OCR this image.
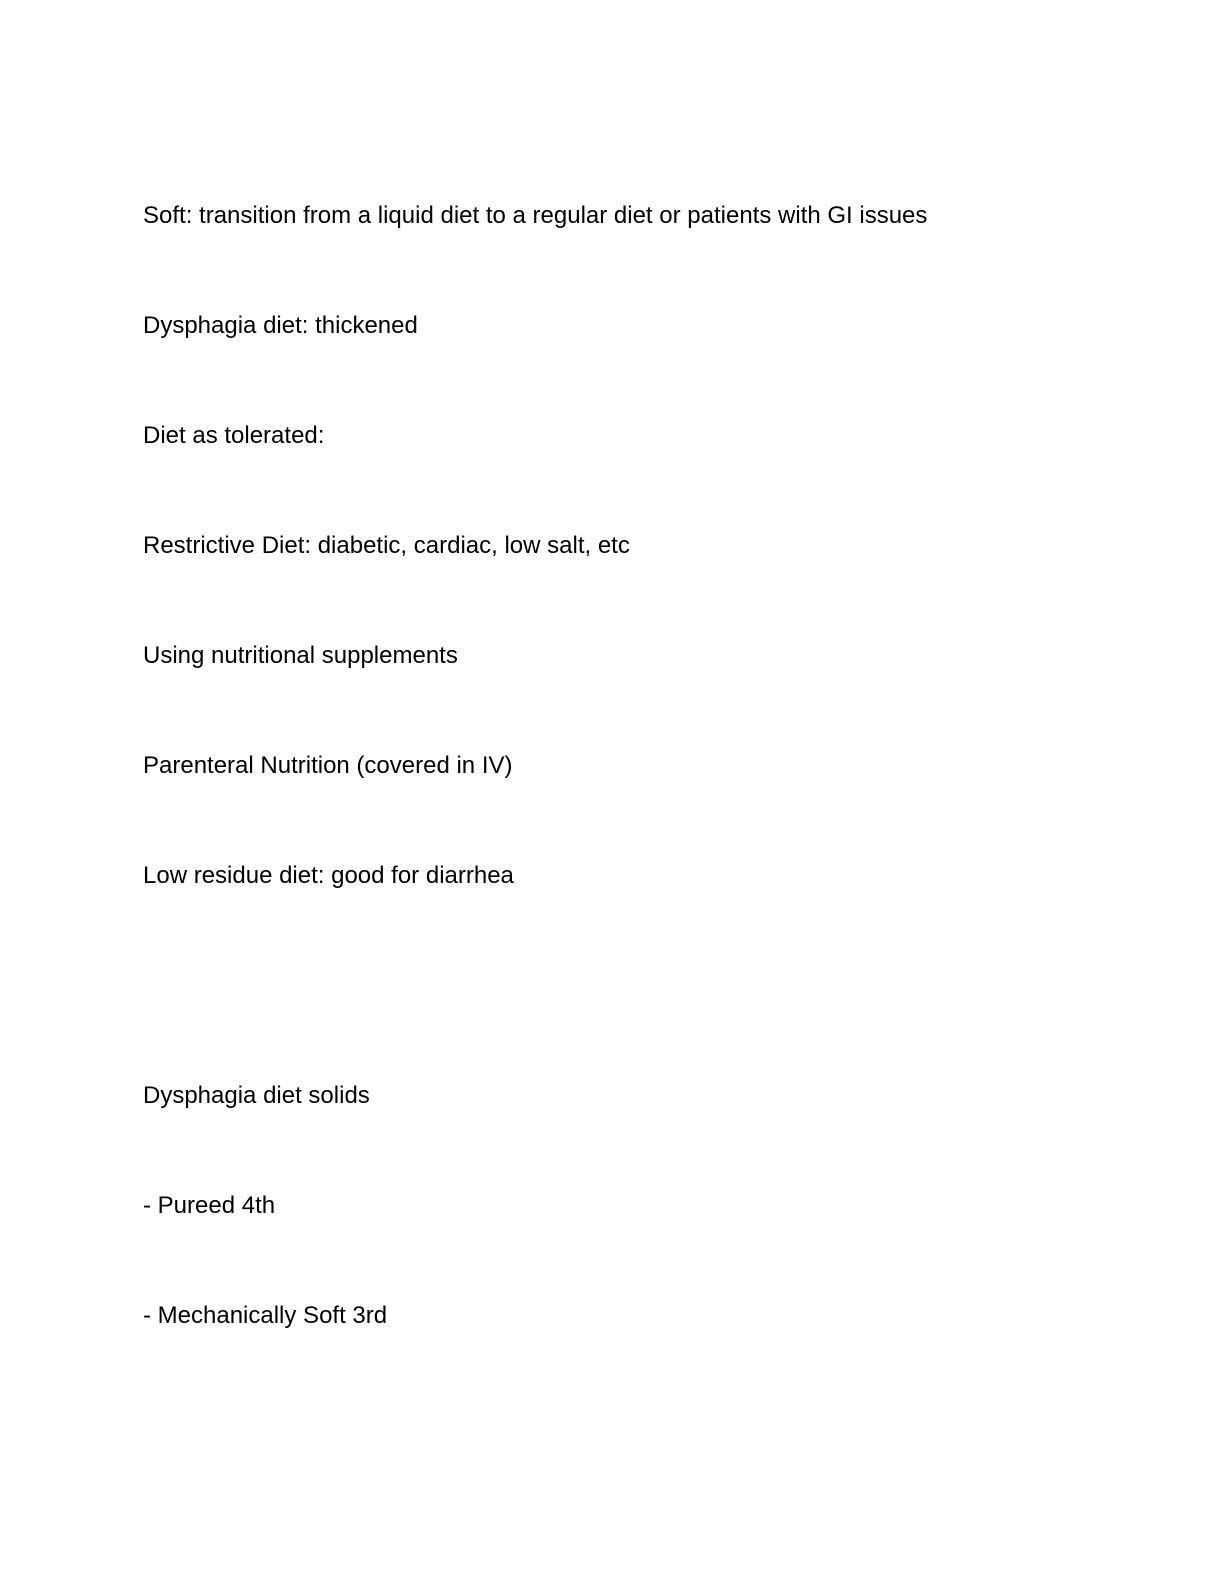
Soft: transition from a liquid diet to a regular diet or patients with GI issues
Dysphagia diet: thickened
Diet as tolerated:
Restrictive Diet: diabetic, cardiac, low salt, etc
Using nutritional supplements
Parenteral Nutrition (covered in IV)
Low residue diet: good for diarrhea
Dysphagia diet solids
- Pureed 4th
- Mechanically Soft 3rd
